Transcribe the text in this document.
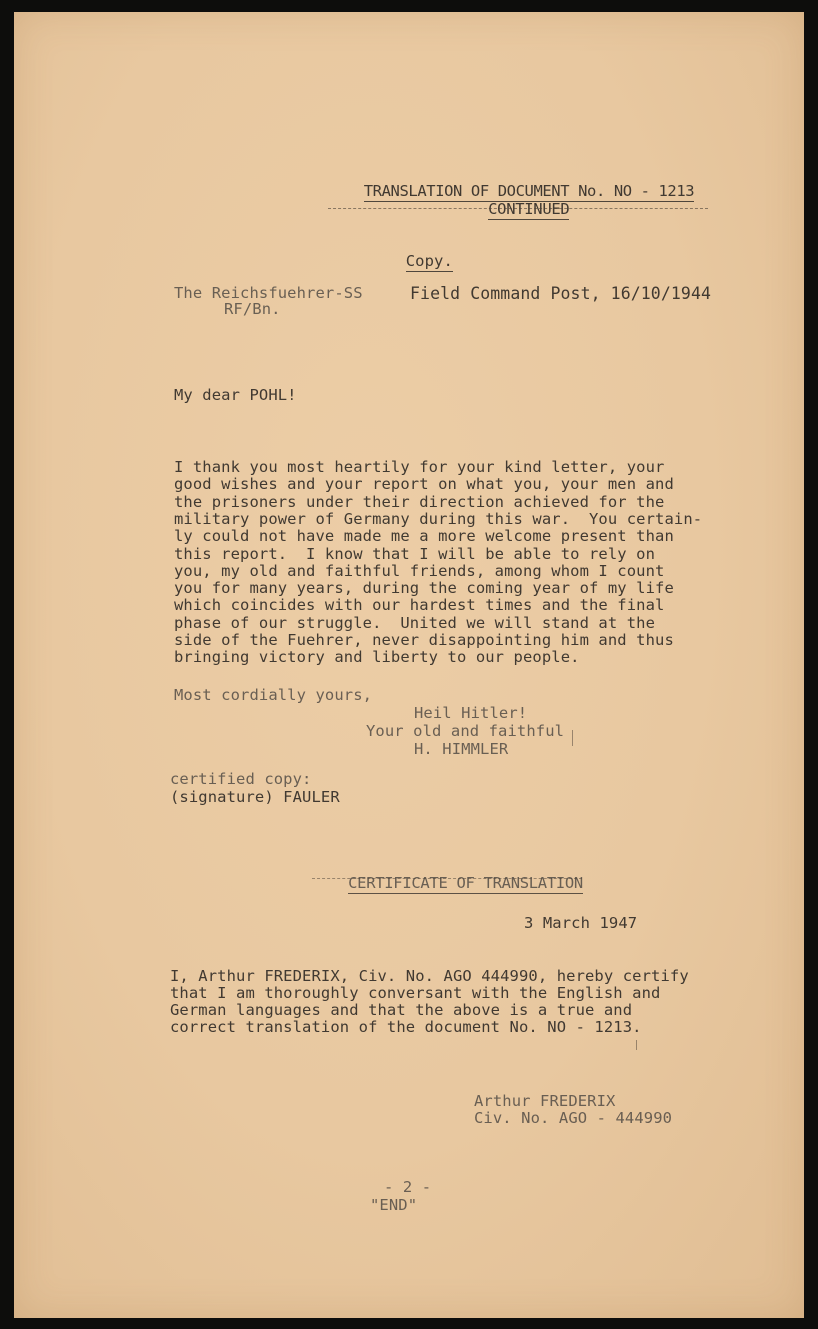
TRANSLATION OF DOCUMENT No. NO - 1213

CONTINUED

Copy.

The Reichsfuehrer-SS
RF/Bn.
Field Command Post, 16/10/1944
My dear POHL!
I thank you most heartily for your kind letter, your
good wishes and your report on what you, your men and
the prisoners under their direction achieved for the
military power of Germany during this war.  You certain-
ly could not have made me a more welcome present than
this report.  I know that I will be able to rely on
you, my old and faithful friends, among whom I count
you for many years, during the coming year of my life
which coincides with our hardest times and the final
phase of our struggle.  United we will stand at the
side of the Fuehrer, never disappointing him and thus
bringing victory and liberty to our people.
Most cordially yours,
Heil Hitler!
Your old and faithful
H. HIMMLER
certified copy:
(signature) FAULER

CERTIFICATE OF TRANSLATION

3 March 1947
I, Arthur FREDERIX, Civ. No. AGO 444990, hereby certify
that I am thoroughly conversant with the English and
German languages and that the above is a true and
correct translation of the document No. NO - 1213.
Arthur FREDERIX
Civ. No. AGO - 444990
- 2 -
"END"
